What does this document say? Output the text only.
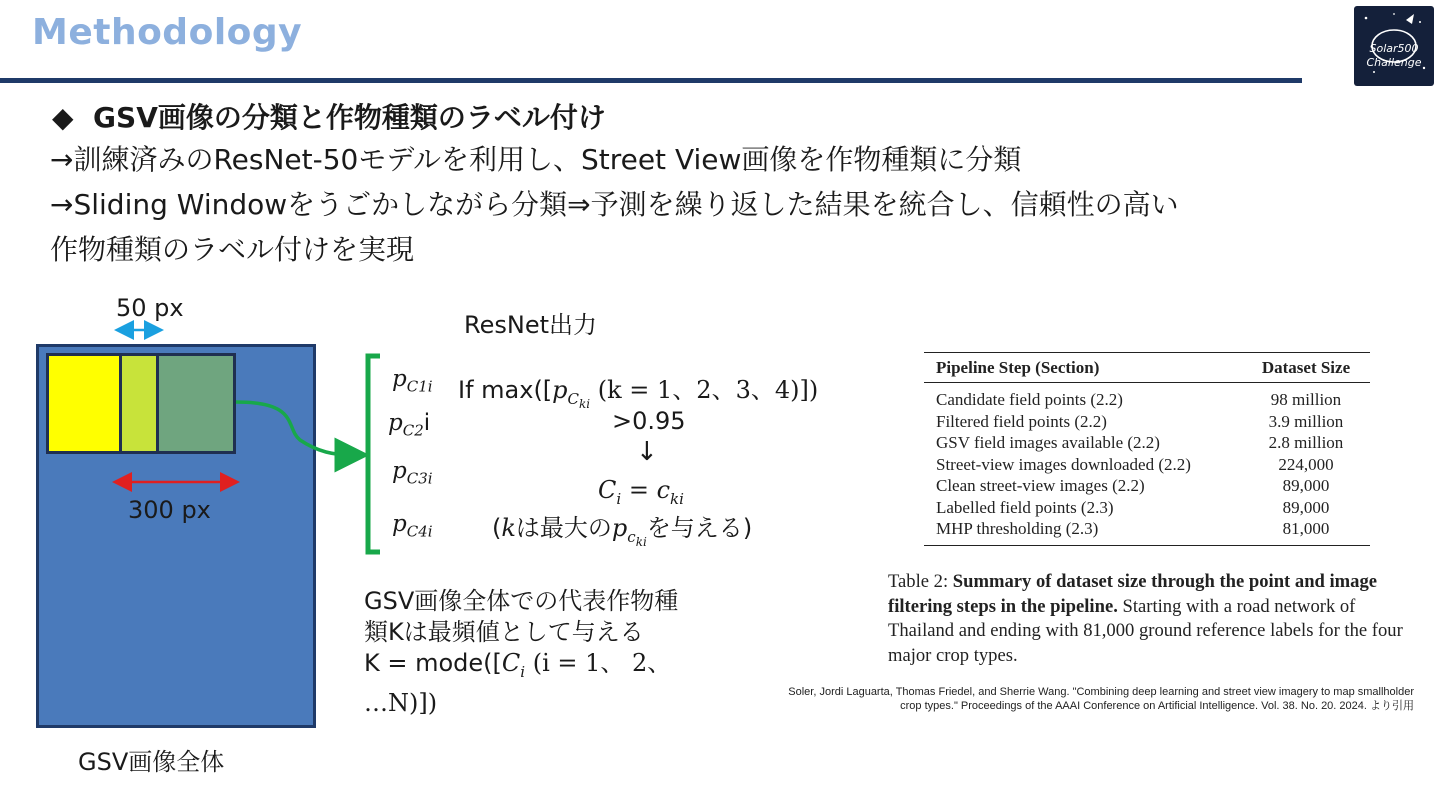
Methodology	Solar500
Challenge
◆ GSV画像の分類と作物種類のラベル付け
→訓練済みのResNet-50モデルを利用し、Street View画像を作物種類に分類
→Sliding Windowをうごかしながら分類⇒予測を繰り返した結果を統合し、信頼性の高い
作物種類のラベル付けを実現
50 px
300 px
GSV画像全体
ResNet出力
$p_{C1i}$
$p_{C2}i$
$p_{C3i}$
$p_{C4i}$
If $\max([p_{C_{ki}}$ (k = 1、2、3、4)])
>0.95
↓
$C_i = c_{ki}$
(kは最大の$p_{c_{ki}}$を与える)
GSV画像全体での代表作物種
類Kは最頻値として与える
$K = mode([C_i$ (i = 1、 2、
…N)])
Pipeline Step (Section)	Dataset Size
Candidate field points (2.2)	98 million
Filtered field points (2.2)	3.9 million
GSV field images available (2.2)	2.8 million
Street-view images downloaded (2.2)	224,000
Clean street-view images (2.2)	89,000
Labelled field points (2.3)	89,000
MHP thresholding (2.3)	81,000
Table 2: Summary of dataset size through the point and image filtering steps in the pipeline. Starting with a road network of Thailand and ending with 81,000 ground reference labels for the four major crop types.
Soler, Jordi Laguarta, Thomas Friedel, and Sherrie Wang. "Combining deep learning and street view imagery to map smallholder crop types." Proceedings of the AAAI Conference on Artificial Intelligence. Vol. 38. No. 20. 2024. より引用
